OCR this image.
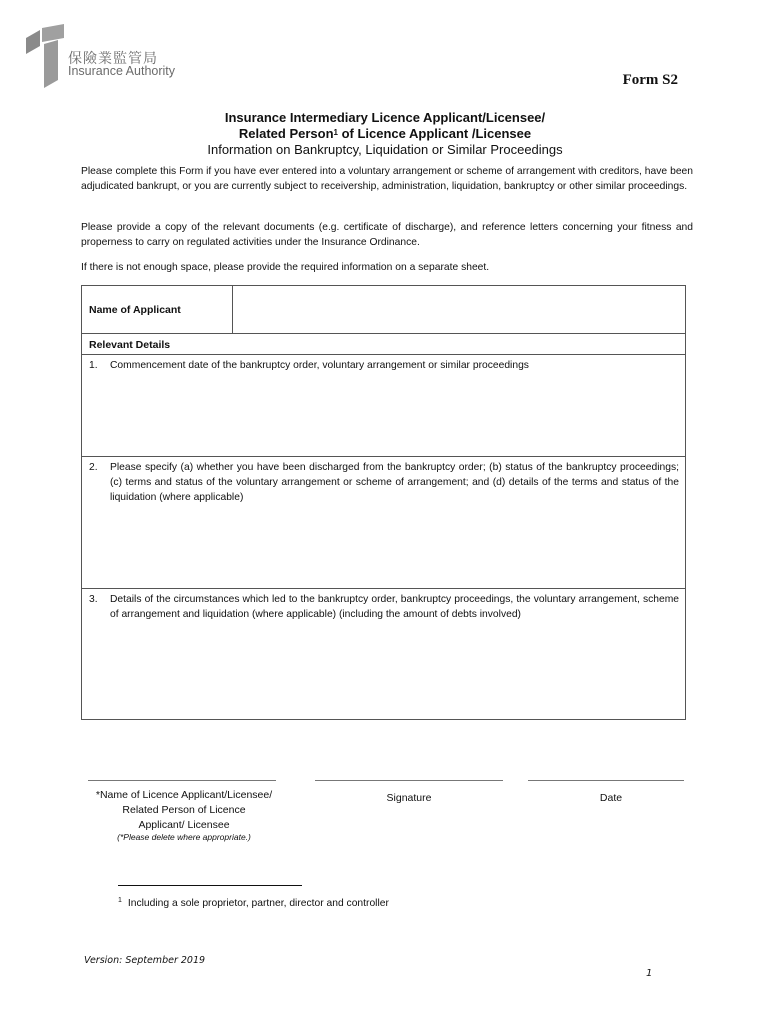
保險業監管局
Insurance Authority
Form S2
Insurance Intermediary Licence Applicant/Licensee/
Related Person$^1$ of Licence Applicant /Licensee
Information on Bankruptcy, Liquidation or Similar Proceedings
Please complete this Form if you have ever entered into a voluntary arrangement or scheme of arrangement with creditors, have been adjudicated bankrupt, or you are currently subject to receivership, administration, liquidation, bankruptcy or other similar proceedings.
Please provide a copy of the relevant documents (e.g. certificate of discharge), and reference letters concerning your fitness and properness to carry on regulated activities under the Insurance Ordinance.
If there is not enough space, please provide the required information on a separate sheet.
Name of Applicant
Relevant Details
1. Commencement date of the bankruptcy order, voluntary arrangement or similar proceedings
2. Please specify (a) whether you have been discharged from the bankruptcy order; (b) status of the bankruptcy proceedings; (c) terms and status of the voluntary arrangement or scheme of arrangement; and (d) details of the terms and status of the liquidation (where applicable)
3. Details of the circumstances which led to the bankruptcy order, bankruptcy proceedings, the voluntary arrangement, scheme of arrangement and liquidation (where applicable) (including the amount of debts involved)
*Name of Licence Applicant/Licensee/
Related Person of Licence
Applicant/ Licensee
(*Please delete where appropriate.)
Signature	Date
$^1$ Including a sole proprietor, partner, director and controller
Version: September 2019
1
